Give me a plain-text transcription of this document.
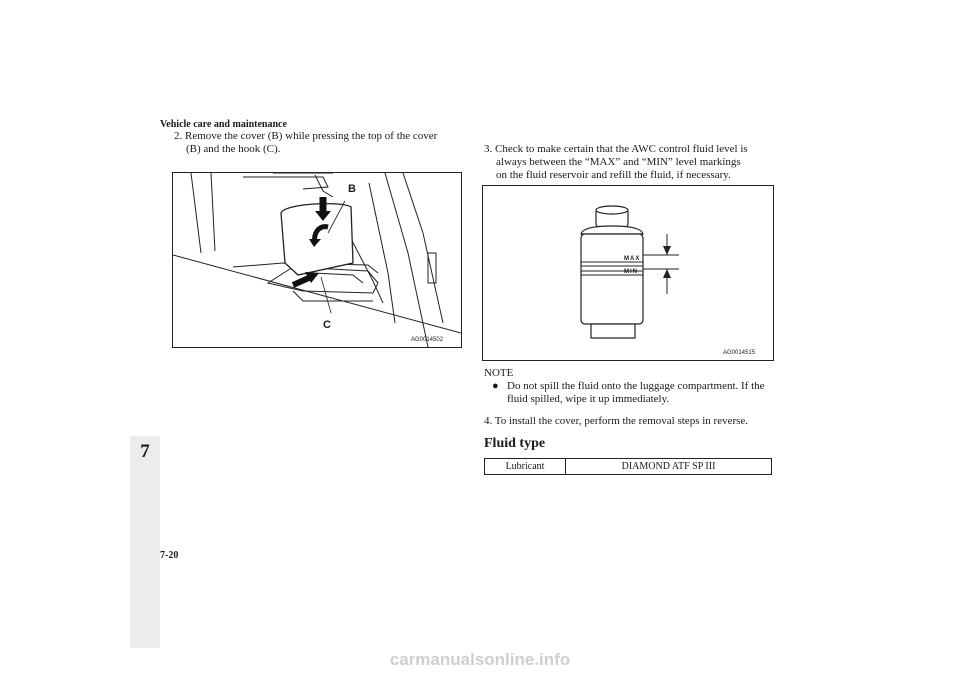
Vehicle care and maintenance
7
2. Remove the cover (B) while pressing the top of the cover
(B) and the hook (C).
B
C
AG0014502
3. Check to make certain that the AWC control fluid level is
always between the “MAX” and “MIN” level markings
on the fluid reservoir and refill the fluid, if necessary.
MAX
MIN
AG0014515
NOTE
● Do not spill the fluid onto the luggage compartment. If the
fluid spilled, wipe it up immediately.
4. To install the cover, perform the removal steps in reverse.
Fluid type
Lubricant	DIAMOND ATF SP III
7-20
carmanualsonline.info
